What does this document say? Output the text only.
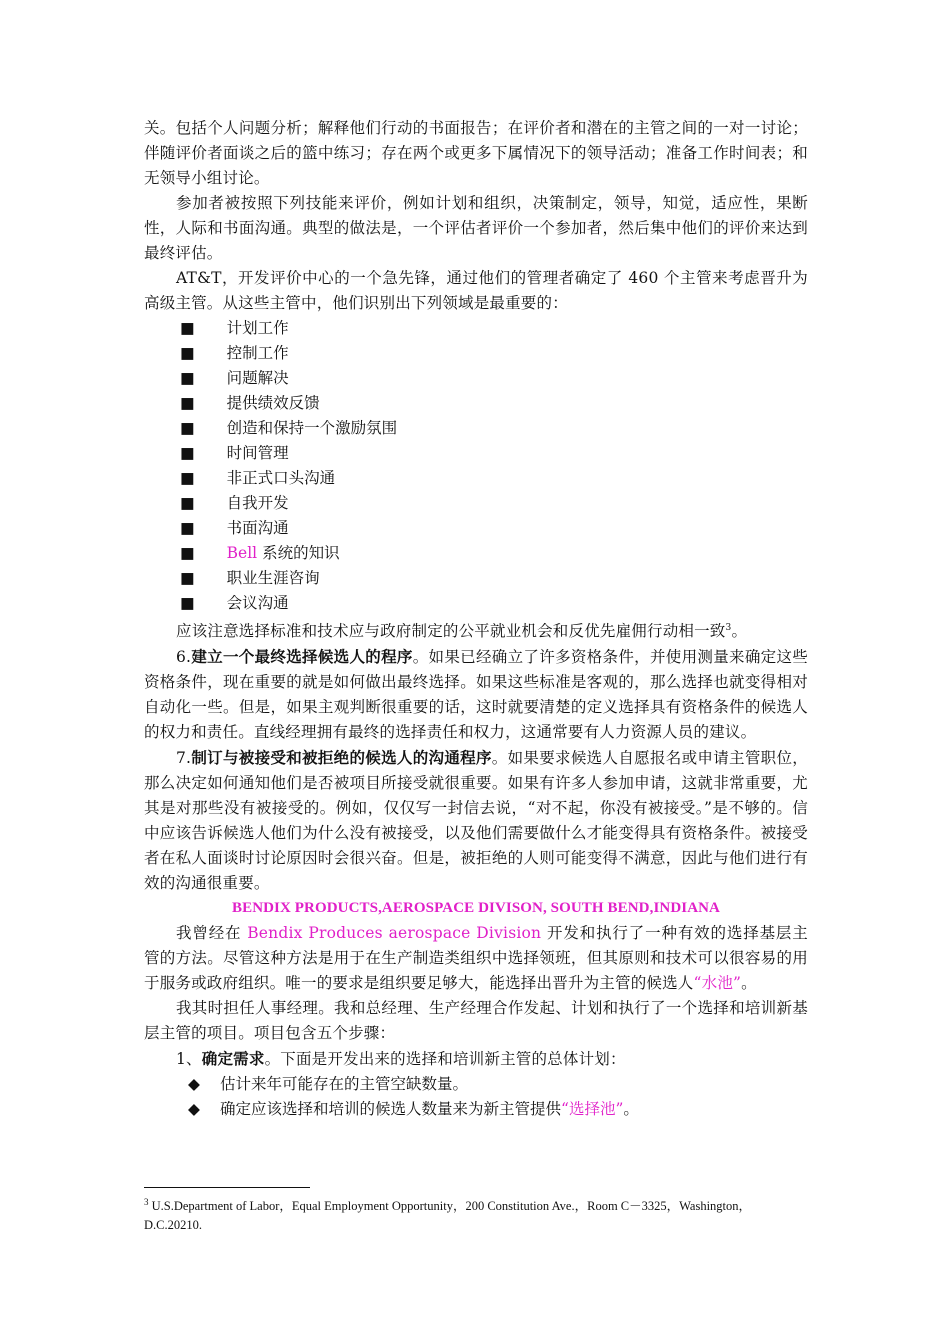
关。包括个人问题分析；解释他们行动的书面报告；在评价者和潜在的主管之间的一对一讨论；伴随评价者面谈之后的篮中练习；存在两个或更多下属情况下的领导活动；准备工作时间表；和无领导小组讨论。

参加者被按照下列技能来评价，例如计划和组织，决策制定，领导，知觉，适应性，果断性，人际和书面沟通。典型的做法是，一个评估者评价一个参加者，然后集中他们的评价来达到最终评估。

AT&T，开发评价中心的一个急先锋，通过他们的管理者确定了 460 个主管来考虑晋升为高级主管。从这些主管中，他们识别出下列领域是最重要的：

■ 计划工作
■ 控制工作
■ 问题解决
■ 提供绩效反馈
■ 创造和保持一个激励氛围
■ 时间管理
■ 非正式口头沟通
■ 自我开发
■ 书面沟通
■ Bell 系统的知识
■ 职业生涯咨询
■ 会议沟通

应该注意选择标准和技术应与政府制定的公平就业机会和反优先雇佣行动相一致$^3$。

6.建立一个最终选择候选人的程序。如果已经确立了许多资格条件，并使用测量来确定这些资格条件，现在重要的就是如何做出最终选择。如果这些标准是客观的，那么选择也就变得相对自动化一些。但是，如果主观判断很重要的话，这时就要清楚的定义选择具有资格条件的候选人的权力和责任。直线经理拥有最终的选择责任和权力，这通常要有人力资源人员的建议。

7.制订与被接受和被拒绝的候选人的沟通程序。如果要求候选人自愿报名或申请主管职位，那么决定如何通知他们是否被项目所接受就很重要。如果有许多人参加申请，这就非常重要，尤其是对那些没有被接受的。例如，仅仅写一封信去说，“对不起，你没有被接受。”是不够的。信中应该告诉候选人他们为什么没有被接受，以及他们需要做什么才能变得具有资格条件。被接受者在私人面谈时讨论原因时会很兴奋。但是，被拒绝的人则可能变得不满意，因此与他们进行有效的沟通很重要。

BENDIX PRODUCTS,AEROSPACE DIVISON, SOUTH BEND,INDIANA

我曾经在 Bendix Produces aerospace Division 开发和执行了一种有效的选择基层主管的方法。尽管这种方法是用于在生产制造类组织中选择领班，但其原则和技术可以很容易的用于服务或政府组织。唯一的要求是组织要足够大，能选择出晋升为主管的候选人“水池”。

我其时担任人事经理。我和总经理、生产经理合作发起、计划和执行了一个选择和培训新基层主管的项目。项目包含五个步骤：

1、确定需求。下面是开发出来的选择和培训新主管的总体计划：

◆ 估计来年可能存在的主管空缺数量。
◆ 确定应该选择和培训的候选人数量来为新主管提供“选择池”。
$^3$ U.S.Department of Labor，Equal Employment Opportunity，200 Constitution Ave.，Room C－3325，Washington，D.C.20210.
